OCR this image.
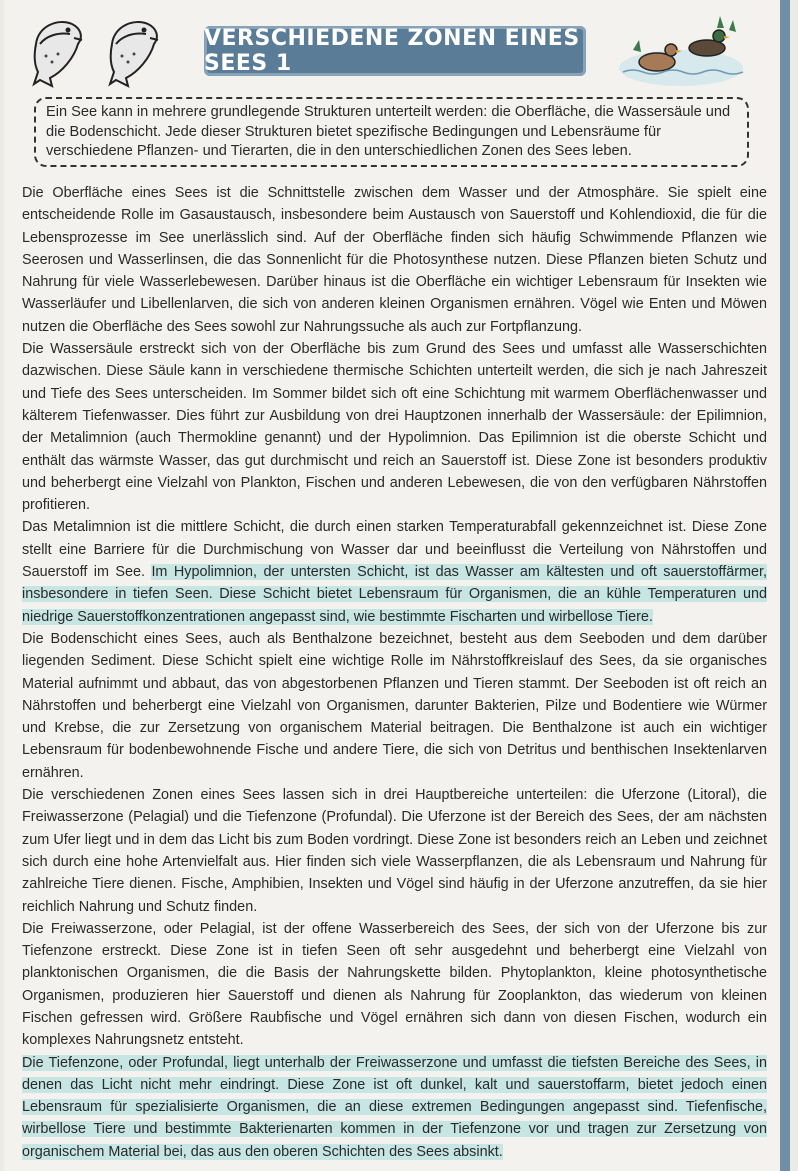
VERSCHIEDENE ZONEN EINES SEES 1
Ein See kann in mehrere grundlegende Strukturen unterteilt werden: die Oberfläche, die Wassersäule und die Bodenschicht. Jede dieser Strukturen bietet spezifische Bedingungen und Lebensräume für verschiedene Pflanzen- und Tierarten, die in den unterschiedlichen Zonen des Sees leben.

Die Oberfläche eines Sees ist die Schnittstelle zwischen dem Wasser und der Atmosphäre. Sie spielt eine entscheidende Rolle im Gasaustausch, insbesondere beim Austausch von Sauerstoff und Kohlendioxid, die für die Lebensprozesse im See unerlässlich sind. Auf der Oberfläche finden sich häufig Schwimmende Pflanzen wie Seerosen und Wasserlinsen, die das Sonnenlicht für die Photosynthese nutzen. Diese Pflanzen bieten Schutz und Nahrung für viele Wasserlebewesen. Darüber hinaus ist die Oberfläche ein wichtiger Lebensraum für Insekten wie Wasserläufer und Libellenlarven, die sich von anderen kleinen Organismen ernähren. Vögel wie Enten und Möwen nutzen die Oberfläche des Sees sowohl zur Nahrungssuche als auch zur Fortpflanzung.

Die Wassersäule erstreckt sich von der Oberfläche bis zum Grund des Sees und umfasst alle Wasserschichten dazwischen. Diese Säule kann in verschiedene thermische Schichten unterteilt werden, die sich je nach Jahreszeit und Tiefe des Sees unterscheiden. Im Sommer bildet sich oft eine Schichtung mit warmem Oberflächenwasser und kälterem Tiefenwasser. Dies führt zur Ausbildung von drei Hauptzonen innerhalb der Wassersäule: der Epilimnion, der Metalimnion (auch Thermokline genannt) und der Hypolimnion. Das Epilimnion ist die oberste Schicht und enthält das wärmste Wasser, das gut durchmischt und reich an Sauerstoff ist. Diese Zone ist besonders produktiv und beherbergt eine Vielzahl von Plankton, Fischen und anderen Lebewesen, die von den verfügbaren Nährstoffen profitieren.

Das Metalimnion ist die mittlere Schicht, die durch einen starken Temperaturabfall gekennzeichnet ist. Diese Zone stellt eine Barriere für die Durchmischung von Wasser dar und beeinflusst die Verteilung von Nährstoffen und Sauerstoff im See. Im Hypolimnion, der untersten Schicht, ist das Wasser am kältesten und oft sauerstoffärmer, insbesondere in tiefen Seen. Diese Schicht bietet Lebensraum für Organismen, die an kühle Temperaturen und niedrige Sauerstoffkonzentrationen angepasst sind, wie bestimmte Fischarten und wirbellose Tiere.

Die Bodenschicht eines Sees, auch als Benthalzone bezeichnet, besteht aus dem Seeboden und dem darüber liegenden Sediment. Diese Schicht spielt eine wichtige Rolle im Nährstoffkreislauf des Sees, da sie organisches Material aufnimmt und abbaut, das von abgestorbenen Pflanzen und Tieren stammt. Der Seeboden ist oft reich an Nährstoffen und beherbergt eine Vielzahl von Organismen, darunter Bakterien, Pilze und Bodentiere wie Würmer und Krebse, die zur Zersetzung von organischem Material beitragen. Die Benthalzone ist auch ein wichtiger Lebensraum für bodenbewohnende Fische und andere Tiere, die sich von Detritus und benthischen Insektenlarven ernähren.

Die verschiedenen Zonen eines Sees lassen sich in drei Hauptbereiche unterteilen: die Uferzone (Litoral), die Freiwasserzone (Pelagial) und die Tiefenzone (Profundal). Die Uferzone ist der Bereich des Sees, der am nächsten zum Ufer liegt und in dem das Licht bis zum Boden vordringt. Diese Zone ist besonders reich an Leben und zeichnet sich durch eine hohe Artenvielfalt aus. Hier finden sich viele Wasserpflanzen, die als Lebensraum und Nahrung für zahlreiche Tiere dienen. Fische, Amphibien, Insekten und Vögel sind häufig in der Uferzone anzutreffen, da sie hier reichlich Nahrung und Schutz finden.

Die Freiwasserzone, oder Pelagial, ist der offene Wasserbereich des Sees, der sich von der Uferzone bis zur Tiefenzone erstreckt. Diese Zone ist in tiefen Seen oft sehr ausgedehnt und beherbergt eine Vielzahl von planktonischen Organismen, die die Basis der Nahrungskette bilden. Phytoplankton, kleine photosynthetische Organismen, produzieren hier Sauerstoff und dienen als Nahrung für Zooplankton, das wiederum von kleinen Fischen gefressen wird. Größere Raubfische und Vögel ernähren sich dann von diesen Fischen, wodurch ein komplexes Nahrungsnetz entsteht.

Die Tiefenzone, oder Profundal, liegt unterhalb der Freiwasserzone und umfasst die tiefsten Bereiche des Sees, in denen das Licht nicht mehr eindringt. Diese Zone ist oft dunkel, kalt und sauerstoffarm, bietet jedoch einen Lebensraum für spezialisierte Organismen, die an diese extremen Bedingungen angepasst sind. Tiefenfische, wirbellose Tiere und bestimmte Bakterienarten kommen in der Tiefenzone vor und tragen zur Zersetzung von organischem Material bei, das aus den oberen Schichten des Sees absinkt.
